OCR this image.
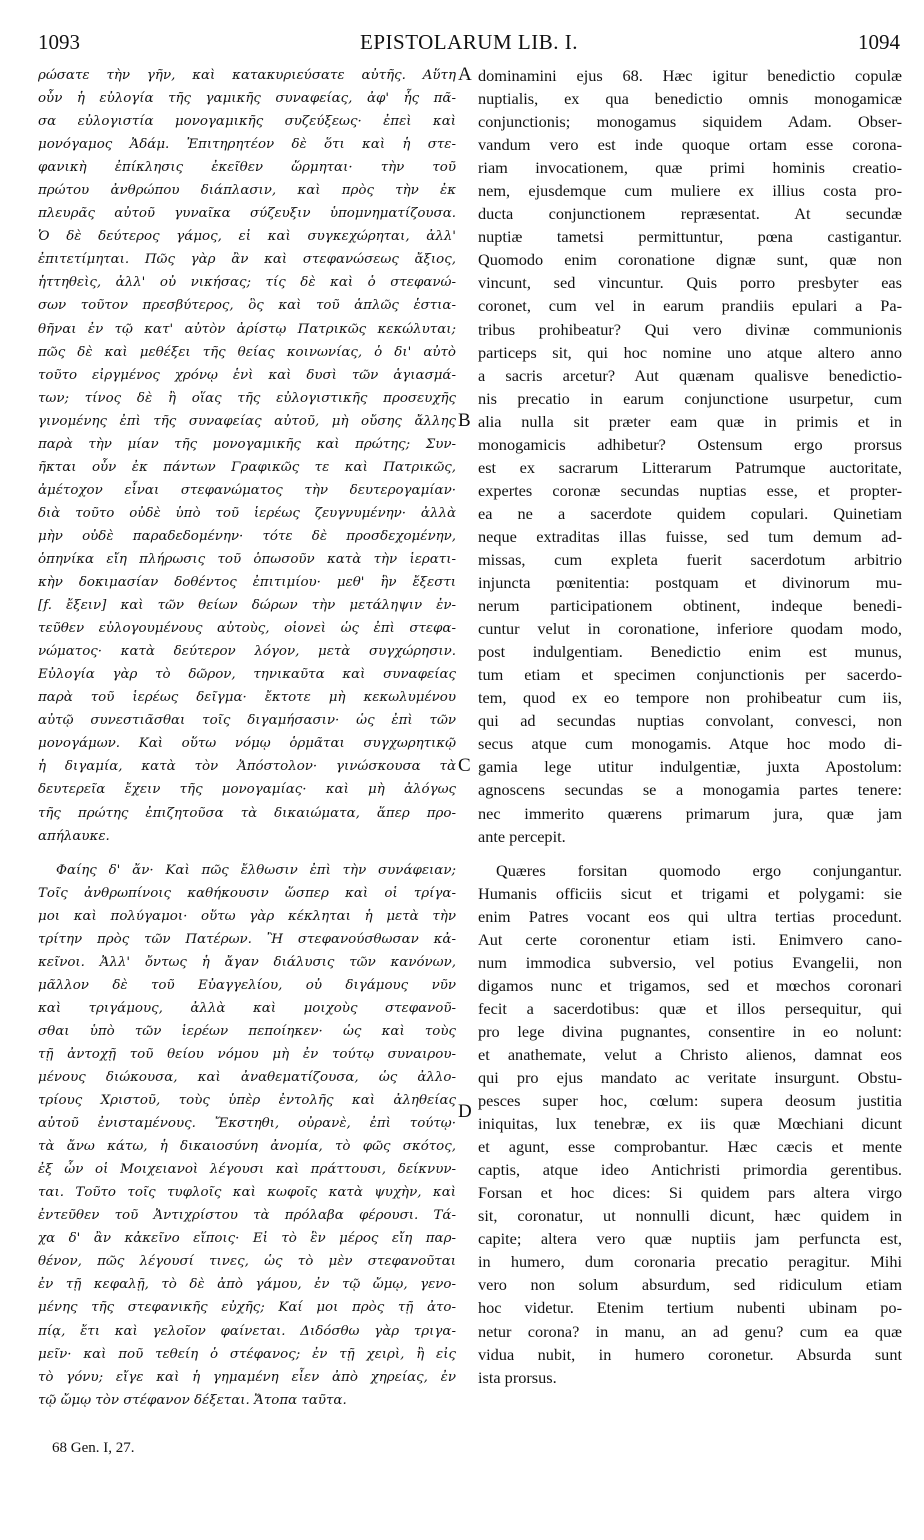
1093	EPISTOLARUM LIB. I.	1094
ρώσατε τὴν γῆν, καὶ κατακυριεύσατε αὐτῆς. Αὕτη
οὖν ἡ εὐλογία τῆς γαμικῆς συναφείας, ἀφ' ἧς πᾶ-
σα εὐλογιστία μονογαμικῆς συζεύξεως· ἐπεὶ καὶ
μονόγαμος Ἀδάμ. Ἐπιτηρητέον δὲ ὅτι καὶ ἡ στε-
φανικὴ ἐπίκλησις ἐκεῖθεν ὥρμηται· τὴν τοῦ
πρώτου ἀνθρώπου διάπλασιν, καὶ πρὸς τὴν ἐκ
πλευρᾶς αὐτοῦ γυναῖκα σύζευξιν ὑπομνηματίζουσα.
Ὁ δὲ δεύτερος γάμος, εἰ καὶ συγκεχώρηται, ἀλλ'
ἐπιτετίμηται. Πῶς γὰρ ἂν καὶ στεφανώσεως ἄξιος,
ἡττηθεὶς, ἀλλ' οὐ νικήσας; τίς δὲ καὶ ὁ στεφανώ-
σων τοῦτον πρεσβύτερος, ὃς καὶ τοῦ ἁπλῶς ἑστια-
θῆναι ἐν τῷ κατ' αὐτὸν ἀρίστῳ Πατρικῶς κεκώλυται;
πῶς δὲ καὶ μεθέξει τῆς θείας κοινωνίας, ὁ δι' αὐτὸ
τοῦτο εἰργμένος χρόνῳ ἑνὶ καὶ δυσὶ τῶν ἁγιασμά-
των; τίνος δὲ ἢ οἵας τῆς εὐλογιστικῆς προσευχῆς
γινομένης ἐπὶ τῆς συναφείας αὐτοῦ, μὴ οὔσης ἄλλης
παρὰ τὴν μίαν τῆς μονογαμικῆς καὶ πρώτης; Συν-
ῆκται οὖν ἐκ πάντων Γραφικῶς τε καὶ Πατρικῶς,
ἀμέτοχον εἶναι στεφανώματος τὴν δευτερογαμίαν·
διὰ τοῦτο οὐδὲ ὑπὸ τοῦ ἱερέως ζευγνυμένην· ἀλλὰ
μὴν οὐδὲ παραδεδομένην· τότε δὲ προσδεχομένην,
ὁπηνίκα εἴη πλήρωσις τοῦ ὁπωσοῦν κατὰ τὴν ἱερατι-
κὴν δοκιμασίαν δοθέντος ἐπιτιμίου· μεθ' ἣν ἔξεστι
[f. ἔξειν] καὶ τῶν θείων δώρων τὴν μετάληψιν ἐν-
τεῦθεν εὐλογουμένους αὐτοὺς, οἱονεὶ ὡς ἐπὶ στεφα-
νώματος· κατὰ δεύτερον λόγον, μετὰ συγχώρησιν.
Εὐλογία γὰρ τὸ δῶρον, τηνικαῦτα καὶ συναφείας
παρὰ τοῦ ἱερέως δεῖγμα· ἔκτοτε μὴ κεκωλυμένου
αὐτῷ συνεστιᾶσθαι τοῖς διγαμήσασιν· ὡς ἐπὶ τῶν
μονογάμων. Καὶ οὕτω νόμῳ ὁρμᾶται συγχωρητικῷ
ἡ διγαμία, κατὰ τὸν Ἀπόστολον· γινώσκουσα τὰ
δευτερεῖα ἔχειν τῆς μονογαμίας· καὶ μὴ ἀλόγως
τῆς πρώτης ἐπιζητοῦσα τὰ δικαιώματα, ἅπερ προ-
απήλαυκε.
Φαίης δ' ἄν· Καὶ πῶς ἔλθωσιν ἐπὶ τὴν συνάφειαν;
Τοῖς ἀνθρωπίνοις καθήκουσιν ὥσπερ καὶ οἱ τρίγα-
μοι καὶ πολύγαμοι· οὕτω γὰρ κέκληται ἡ μετὰ τὴν
τρίτην πρὸς τῶν Πατέρων. Ἢ στεφανούσθωσαν κἀ-
κεῖνοι. Ἀλλ' ὄντως ἡ ἄγαν διάλυσις τῶν κανόνων,
μᾶλλον δὲ τοῦ Εὐαγγελίου, οὐ διγάμους νῦν
καὶ τριγάμους, ἀλλὰ καὶ μοιχοὺς στεφανοῦ-
σθαι ὑπὸ τῶν ἱερέων πεποίηκεν· ὡς καὶ τοὺς
τῇ ἀντοχῇ τοῦ θείου νόμου μὴ ἐν τούτῳ συναιρου-
μένους διώκουσα, καὶ ἀναθεματίζουσα, ὡς ἀλλο-
τρίους Χριστοῦ, τοὺς ὑπὲρ ἐντολῆς καὶ ἀληθείας
αὐτοῦ ἐνισταμένους. Ἔκστηθι, οὐρανὲ, ἐπὶ τούτῳ·
τὰ ἄνω κάτω, ἡ δικαιοσύνη ἀνομία, τὸ φῶς σκότος,
ἐξ ὧν οἱ Μοιχειανοὶ λέγουσι καὶ πράττουσι, δείκνυν-
ται. Τοῦτο τοῖς τυφλοῖς καὶ κωφοῖς κατὰ ψυχὴν, καὶ
ἐντεῦθεν τοῦ Ἀντιχρίστου τὰ πρόλαβα φέρουσι. Τά-
χα δ' ἂν κἀκεῖνο εἴποις· Εἰ τὸ ἓν μέρος εἴη παρ-
θένον, πῶς λέγουσί τινες, ὡς τὸ μὲν στεφανοῦται
ἐν τῇ κεφαλῇ, τὸ δὲ ἀπὸ γάμου, ἐν τῷ ὤμῳ, γενο-
μένης τῆς στεφανικῆς εὐχῆς; Καί μοι πρὸς τῇ ἀτο-
πίᾳ, ἔτι καὶ γελοῖον φαίνεται. Διδόσθω γὰρ τριγα-
μεῖν· καὶ ποῦ τεθείη ὁ στέφανος; ἐν τῇ χειρὶ, ἢ εἰς
τὸ γόνυ; εἴγε καὶ ἡ γημαμένη εἶεν ἀπὸ χηρείας, ἐν
τῷ ὤμῳ τὸν στέφανον δέξεται. Ἄτοπα ταῦτα.
dominamini ejus 68. Hæc igitur benedictio copulæ
nuptialis, ex qua benedictio omnis monogamicæ
conjunctionis; monogamus siquidem Adam. Obser-
vandum vero est inde quoque ortam esse corona-
riam invocationem, quæ primi hominis creatio-
nem, ejusdemque cum muliere ex illius costa pro-
ducta conjunctionem repræsentat. At secundæ
nuptiæ tametsi permittuntur, pœna castigantur.
Quomodo enim coronatione dignæ sunt, quæ non
vincunt, sed vincuntur. Quis porro presbyter eas
coronet, cum vel in earum prandiis epulari a Pa-
tribus prohibeatur? Qui vero divinæ communionis
particeps sit, qui hoc nomine uno atque altero anno
a sacris arcetur? Aut quænam qualisve benedictio-
nis precatio in earum conjunctione usurpetur, cum
alia nulla sit præter eam quæ in primis et in
monogamicis adhibetur? Ostensum ergo prorsus
est ex sacrarum Litterarum Patrumque auctoritate,
expertes coronæ secundas nuptias esse, et propter-
ea ne a sacerdote quidem copulari. Quinetiam
neque extraditas illas fuisse, sed tum demum ad-
missas, cum expleta fuerit sacerdotum arbitrio
injuncta pœnitentia: postquam et divinorum mu-
nerum participationem obtinent, indeque benedi-
cuntur velut in coronatione, inferiore quodam modo,
post indulgentiam. Benedictio enim est munus,
tum etiam et specimen conjunctionis per sacerdo-
tem, quod ex eo tempore non prohibeatur cum iis,
qui ad secundas nuptias convolant, convesci, non
secus atque cum monogamis. Atque hoc modo di-
gamia lege utitur indulgentiæ, juxta Apostolum:
agnoscens secundas se a monogamia partes tenere:
nec immerito quærens primarum jura, quæ jam
ante percepit.
Quæres forsitan quomodo ergo conjungantur.
Humanis officiis sicut et trigami et polygami: sie
enim Patres vocant eos qui ultra tertias procedunt.
Aut certe coronentur etiam isti. Enimvero cano-
num immodica subversio, vel potius Evangelii, non
digamos nunc et trigamos, sed et mœchos coronari
fecit a sacerdotibus: quæ et illos persequitur, qui
pro lege divina pugnantes, consentire in eo nolunt:
et anathemate, velut a Christo alienos, damnat eos
qui pro ejus mandato ac veritate insurgunt. Obstu-
pesces super hoc, cœlum: supera deosum justitia
iniquitas, lux tenebræ, ex iis quæ Mœchiani dicunt
et agunt, esse comprobantur. Hæc cæcis et mente
captis, atque ideo Antichristi primordia gerentibus.
Forsan et hoc dices: Si quidem pars altera virgo
sit, coronatur, ut nonnulli dicunt, hæc quidem in
capite; altera vero quæ nuptiis jam perfuncta est,
in humero, dum coronaria precatio peragitur. Mihi
vero non solum absurdum, sed ridiculum etiam
hoc videtur. Etenim tertium nubenti ubinam po-
netur corona? in manu, an ad genu? cum ea quæ
vidua nubit, in humero coronetur. Absurda sunt
ista prorsus.
A
B
C
D
68 Gen. I, 27.
